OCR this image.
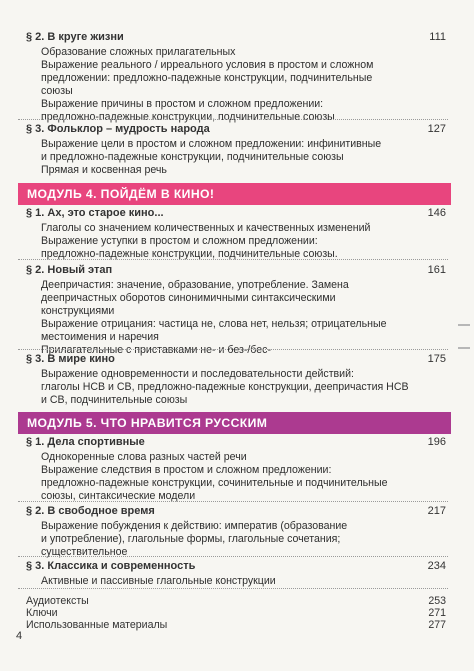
§ 2. В кругe жизни	111
Образование сложных прилагательных
Выражение реального / ирреального условия в простом и сложном
предложении: предложно-падежные конструкции, подчинительные
союзы
Выражение причины в простом и сложном предложении:
предложно-падежные конструкции, подчинительные союзы
§ 3. Фольклор – мудрость народа	127
Выражение цели в простом и сложном предложении: инфинитивные
и предложно-падежные конструкции, подчинительные союзы
Прямая и косвенная речь
МОДУЛЬ 4. ПОЙДЁМ В КИНО!
§ 1. Ах, это старое кино...	146
Глаголы со значением количественных и качественных изменений
Выражение уступки в простом и сложном предложении:
предложно-падежные конструкции, подчинительные союзы.
§ 2. Новый этап	161
Деепричастия: значение, образование, употребление. Замена
деепричастных оборотов синонимичными синтаксическими
конструкциями
Выражение отрицания: частица не, слова нет, нельзя; отрицательные
местоимения и наречия
Прилагательные с приставками не- и без-/бес-
§ 3. В мире кино	175
Выражение одновременности и последовательности действий:
глаголы НСВ и СВ, предложно-падежные конструкции, деепричастия НСВ
и СВ, подчинительные союзы
МОДУЛЬ 5. ЧТО НРАВИТСЯ РУССКИМ
§ 1. Дела спортивные	196
Однокоренные слова разных частей речи
Выражение следствия в простом и сложном предложении:
предложно-падежные конструкции, сочинительные и подчинительные
союзы, синтаксические модели
§ 2. В свободное время	217
Выражение побуждения к действию: императив (образование
и употребление), глагольные формы, глагольные сочетания;
существительное
§ 3. Классика и современность	234
Активные и пассивные глагольные конструкции
Аудиотексты	253
Ключи	271
Использованные материалы	277
4
